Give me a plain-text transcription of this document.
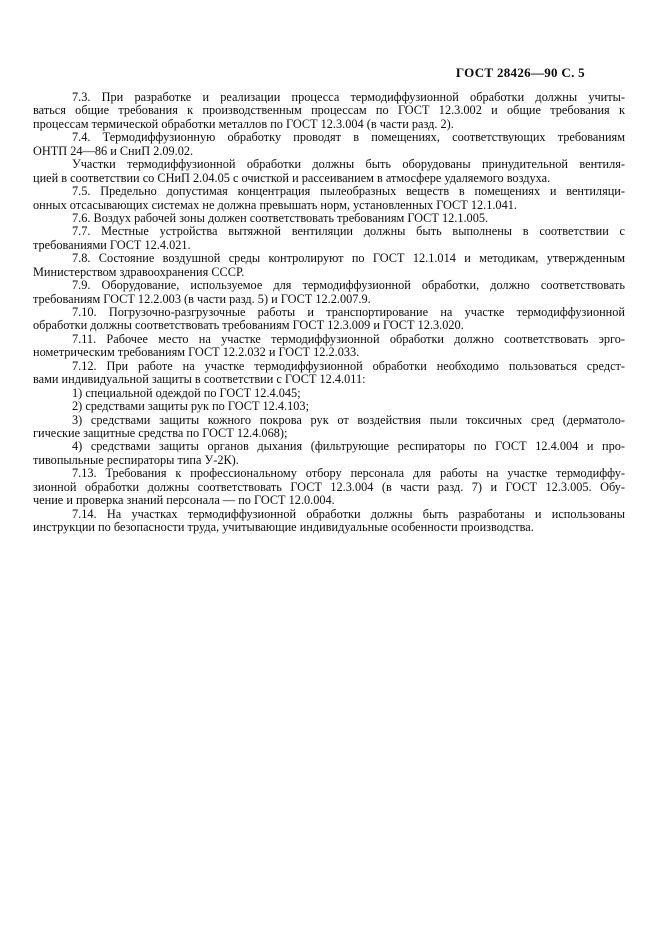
ГОСТ 28426—90 С. 5
7.3. При разработке и реализации процесса термодиффузионной обработки должны учиты-
ваться общие требования к производственным процессам по ГОСТ 12.3.002 и общие требования к
процессам термической обработки металлов по ГОСТ 12.3.004 (в части разд. 2).
7.4. Термодиффузионную обработку проводят в помещениях, соответствующих требованиям
ОНТП 24—86 и СниП 2.09.02.
Участки термодиффузионной обработки должны быть оборудованы принудительной вентиля-
цией в соответствии со СНиП 2.04.05 с очисткой и рассеиванием в атмосфере удаляемого воздуха.
7.5. Предельно допустимая концентрация пылеобразных веществ в помещениях и вентиляци-
онных отсасывающих системах не должна превышать норм, установленных ГОСТ 12.1.041.
7.6. Воздух рабочей зоны должен соответствовать требованиям ГОСТ 12.1.005.
7.7. Местные устройства вытяжной вентиляции должны быть выполнены в соответствии с
требованиями ГОСТ 12.4.021.
7.8. Состояние воздушной среды контролируют по ГОСТ 12.1.014 и методикам, утвержденным
Министерством здравоохранения СССР.
7.9. Оборудование, используемое для термодиффузионной обработки, должно соответствовать
требованиям ГОСТ 12.2.003 (в части разд. 5) и ГОСТ 12.2.007.9.
7.10. Погрузочно-разгрузочные работы и транспортирование на участке термодиффузионной
обработки должны соответствовать требованиям ГОСТ 12.3.009 и ГОСТ 12.3.020.
7.11. Рабочее место на участке термодиффузионной обработки должно соответствовать эрго-
нометрическим требованиям ГОСТ 12.2.032 и ГОСТ 12.2.033.
7.12. При работе на участке термодиффузионной обработки необходимо пользоваться средст-
вами индивидуальной защиты в соответствии с ГОСТ 12.4.011:
1) специальной одеждой по ГОСТ 12.4.045;
2) средствами защиты рук по ГОСТ 12.4.103;
3) средствами защиты кожного покрова рук от воздействия пыли токсичных сред (дерматоло-
гические защитные средства по ГОСТ 12.4.068);
4) средствами защиты органов дыхания (фильтрующие респираторы по ГОСТ 12.4.004 и про-
тивопыльные респираторы типа У-2К).
7.13. Требования к профессиональному отбору персонала для работы на участке термодиффу-
зионной обработки должны соответствовать ГОСТ 12.3.004 (в части разд. 7) и ГОСТ 12.3.005. Обу-
чение и проверка знаний персонала — по ГОСТ 12.0.004.
7.14. На участках термодиффузионной обработки должны быть разработаны и использованы
инструкции по безопасности труда, учитывающие индивидуальные особенности производства.
